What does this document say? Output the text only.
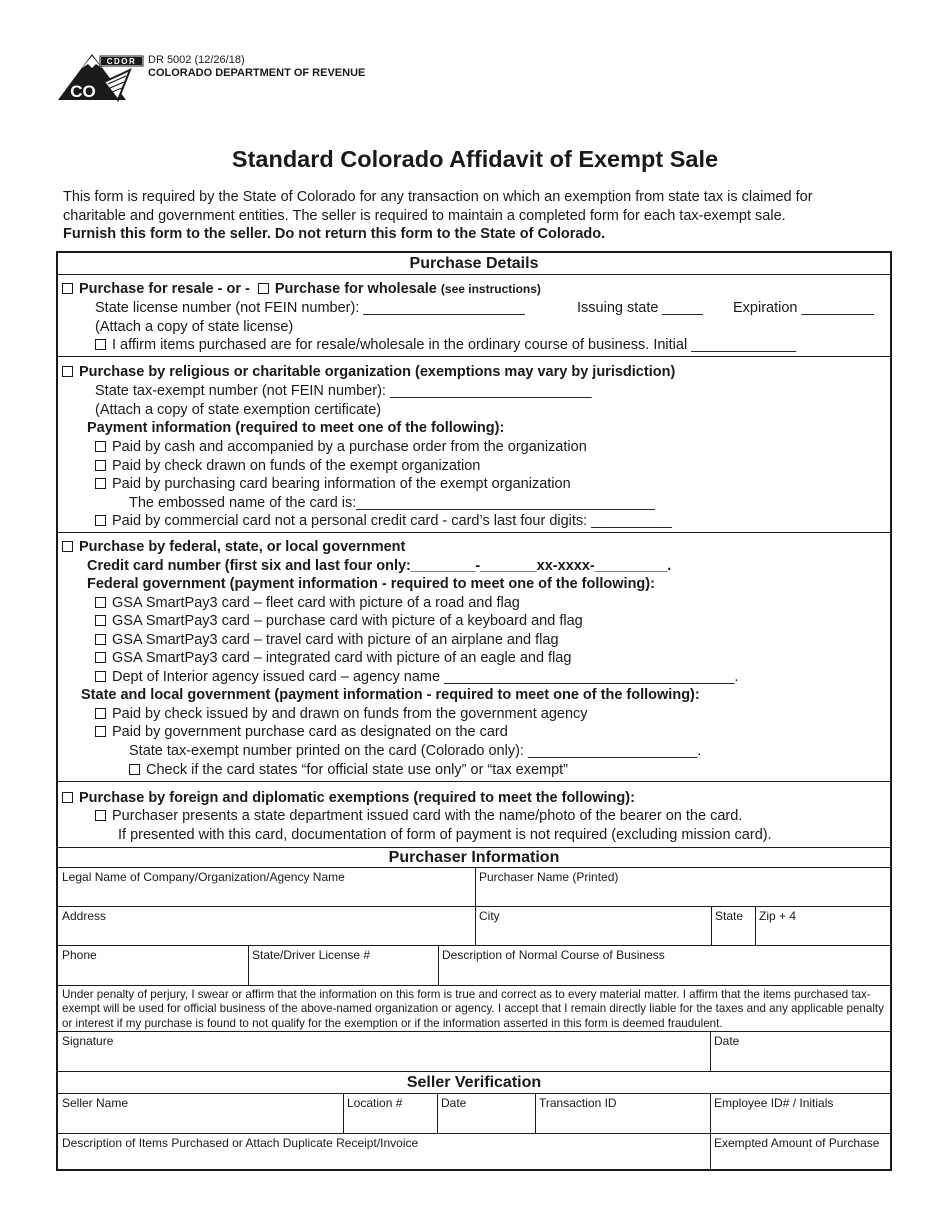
CDOR
CO
DR 5002 (12/26/18)
COLORADO DEPARTMENT OF REVENUE
Standard Colorado Affidavit of Exempt Sale
This form is required by the State of Colorado for any transaction on which an exemption from state tax is claimed for
charitable and government entities. The seller is required to maintain a completed form for each tax-exempt sale.
Furnish this form to the seller. Do not return this form to the State of Colorado.
Purchase Details
Purchase for resale - or - Purchase for wholesale (see instructions)
State license number (not FEIN number): ____________________	Issuing state _____ Expiration _________
(Attach a copy of state license)
I affirm items purchased are for resale/wholesale in the ordinary course of business. Initial _____________
Purchase by religious or charitable organization (exemptions may vary by jurisdiction)
State tax-exempt number (not FEIN number): _________________________
(Attach a copy of state exemption certificate)
Payment information (required to meet one of the following):
Paid by cash and accompanied by a purchase order from the organization
Paid by check drawn on funds of the exempt organization
Paid by purchasing card bearing information of the exempt organization
The embossed name of the card is:_____________________________________
Paid by commercial card not a personal credit card - card’s last four digits: __________
Purchase by federal, state, or local government
Credit card number (first six and last four only:________-_______xx-xxxx-_________.
Federal government (payment information - required to meet one of the following):
GSA SmartPay3 card – fleet card with picture of a road and flag
GSA SmartPay3 card – purchase card with picture of a keyboard and flag
GSA SmartPay3 card – travel card with picture of an airplane and flag
GSA SmartPay3 card – integrated card with picture of an eagle and flag
Dept of Interior agency issued card – agency name ____________________________________.
State and local government (payment information - required to meet one of the following):
Paid by check issued by and drawn on funds from the government agency
Paid by government purchase card as designated on the card
State tax-exempt number printed on the card (Colorado only): _____________________.
Check if the card states “for official state use only” or “tax exempt”
Purchase by foreign and diplomatic exemptions (required to meet the following):
Purchaser presents a state department issued card with the name/photo of the bearer on the card.
If presented with this card, documentation of form of payment is not required (excluding mission card).
Purchaser Information
Legal Name of Company/Organization/Agency Name	Purchaser Name (Printed)
Address	City	State Zip + 4
Phone	State/Driver License #	Description of Normal Course of Business
Under penalty of perjury, I swear or affirm that the information on this form is true and correct as to every material matter. I affirm that the items purchased tax-exempt will be used for official business of the above-named organization or agency. I accept that I remain directly liable for the taxes and any applicable penalty or interest if my purchase is found to not qualify for the exemption or if the information asserted in this form is deemed fraudulent.
Signature	Date
Seller Verification
Seller Name	Location #	Date	Transaction ID	Employee ID# / Initials
Description of Items Purchased or Attach Duplicate Receipt/Invoice	Exempted Amount of Purchase
